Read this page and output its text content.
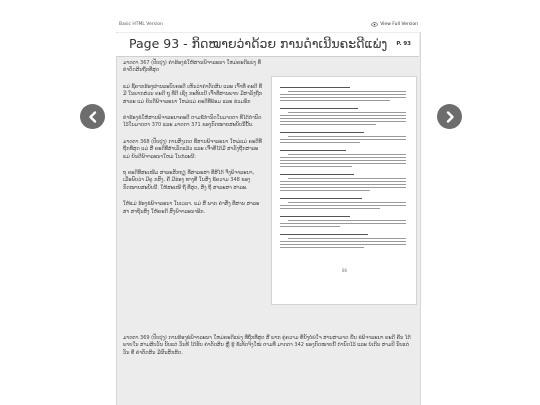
Basic HTML Version	View Full Version
Page 93 - ກິດໝາຍວ່າດ້ວຍ ການດຳເນີນຄະດີແພ່ງ P. 93

ມາດຕາ 367 (ປັບປຸງ) ຄຳຮ້ອງຂໍໃຫ້ສານພິຈາລະນາ ໃຫມ່ຄະດີແພ່ງ ທີ່ຄຳຕັດສິນຖືກທີ່ສຸດ

ແມ່ ຊີ້ຄາກຮ້ອງຜ່ານລະບົບຄະດີ ເຫັນວ່າຄຳຕັດສິນ ແລະ ເຈົ້າທີ່ ຄະດີ ທີ່ມີ ໃນພາກສ່ວນ ຄະດີ ຖູ ທີ່ດີ ເຊິ່ງ ກະທັບເບີ ເຈົ້າທີ່ສານພາຍ ມີສາລັງຖືກສາລະ ແມ່ ຍິນດີພິຈາລະນາ ໃຫມ່ແມ່ ຄະດີທີ່ພ້ອມ ແລະ ຮ່ວມອຶກ

ຄຳຮ້ອງຂໍໃຫ້ສານພິຈາລະນາຄະດີ ຕາມຂໍ້ກຳນົດໃນມາດຕາ ທີ່ໄດ້ກຳນົດໄວ້ໃນມາດຕາ 370 ແລະ ມາດຕາ 371 ຂອງກົດໝາຍສະບັບນີ້ນັ້ນ.

ມາດຕາ 368 (ປັບປຸງ) ການສັງເກດ ທີ່ສານພິຈາລະນາ ໃຫມ່ແມ່ ຄະດີທີ່ຖືກທີ່ສຸດ ແມ່ ສີ່ ຄະດີທີ່ສໍາເລັດແລ້ວ ແລະ ເຈົ້າທີ່ໄດ້ມີ ສາລັງຖືກສາລະ ແມ່ ຍິນດີພິຈາລະນາໃຫມ່ ໃນກໍລະນີ:

ຖ ຄະດີທີ່ສະເໜີມ ສາລະສັກຖຽ ທີ່ສາລະສາ ທີ່ສີໄດ້ ຈຶ່ງພິຈາລະນາ, ເມື່ອພົບວ່າ ມີຄູ ກສົງ, ຄື ມີຮ່ອງ ທາງທີ່ ໃນສິ່ງ ຂໍ້ຄວາມ 348 ຂອງກົດໝາຍສະບັບນີ້. ໃຫ້ສະເໜີ ຖື ທີ່ສຸດ, ສິ່ງ ຖື ສາລະສາ ສາລະ.

ໃຫ້ແມ່ ຮ້ອງຂໍພິຈາລະນາ ໃນເວລາ. ແມ່ ສີ່ ພາກ ຄຳສັ່ງ ທີ່ສານ ສາລະສາ ສາຖິ່ນສິ່ງ ໃຫ້ຄະດີ ສົ່ງພິຈາລະນາອີກ.

ມາດຕາ 369 (ປັບປຸງ) ການຮ້ອງຂໍພິຈາລະນາ ໃຫມ່ຄະດີແພ່ງ ທີ່ຖືກທີ່ສຸດ ສີ່ ພາກ ຄູ່ຄວາມ ທີ່ຍັງບໍ່ພໍໃຈ ສານສາມາດ ຍື່ນ ຂໍພິຈາລະນາ ຄະດີ ຄືນ ໄດ້ ພາຍໃນ ສາມສິບວັນ ນັບແຕ່ ວັນທີ ໄດ້ຮັບ ຄຳຕັດສິນ ຫຼື ຮູ້ ຂໍ້ເທັດຈິງໃໝ່ ຕາມທີ່ ມາດຕາ 342 ຂອງກົດໝາຍນີ້ ກຳນົດໄວ້ ແລະ ບໍ່ເກີນ ສາມປີ ນັບແຕ່ ວັນ ທີ່ ຄຳຕັດສິນ ມີຜົນສັກສິດ.

86
